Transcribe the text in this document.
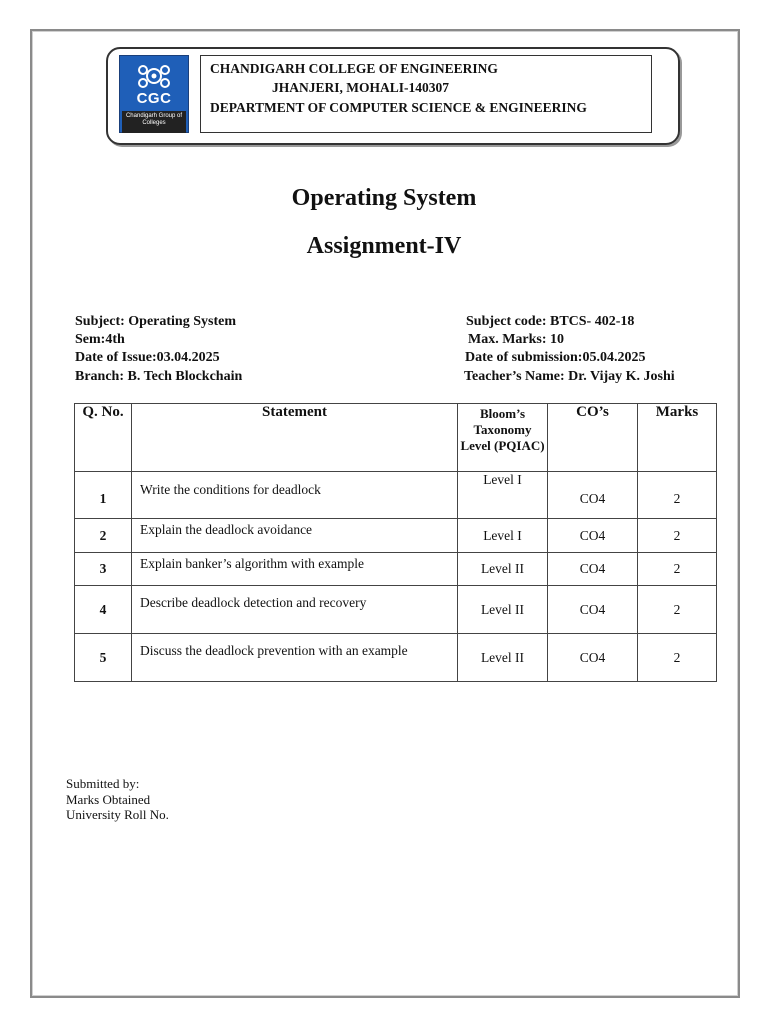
CGC
Chandigarh Group of Colleges
CHANDIGARH COLLEGE OF ENGINEERING
JHANJERI, MOHALI-140307
DEPARTMENT OF COMPUTER SCIENCE & ENGINEERING
Operating System
Assignment-IV
Subject: Operating System
Sem:4th
Date of Issue:03.04.2025
Branch: B. Tech Blockchain
Subject code: BTCS- 402-18
Max. Marks: 10
Date of submission:05.04.2025
Teacher’s Name: Dr. Vijay K. Joshi
Q. No.	Statement	Bloom’s Taxonomy Level (PQIAC)	CO’s	Marks
1	Write the conditions for deadlock	Level I	CO4	2
2	Explain the deadlock avoidance	Level I	CO4	2
3	Explain banker’s algorithm with example	Level II	CO4	2
4	Describe deadlock detection and recovery	Level II	CO4	2
5	Discuss the deadlock prevention with an example	Level II	CO4	2
Submitted by:
Marks Obtained
University Roll No.
